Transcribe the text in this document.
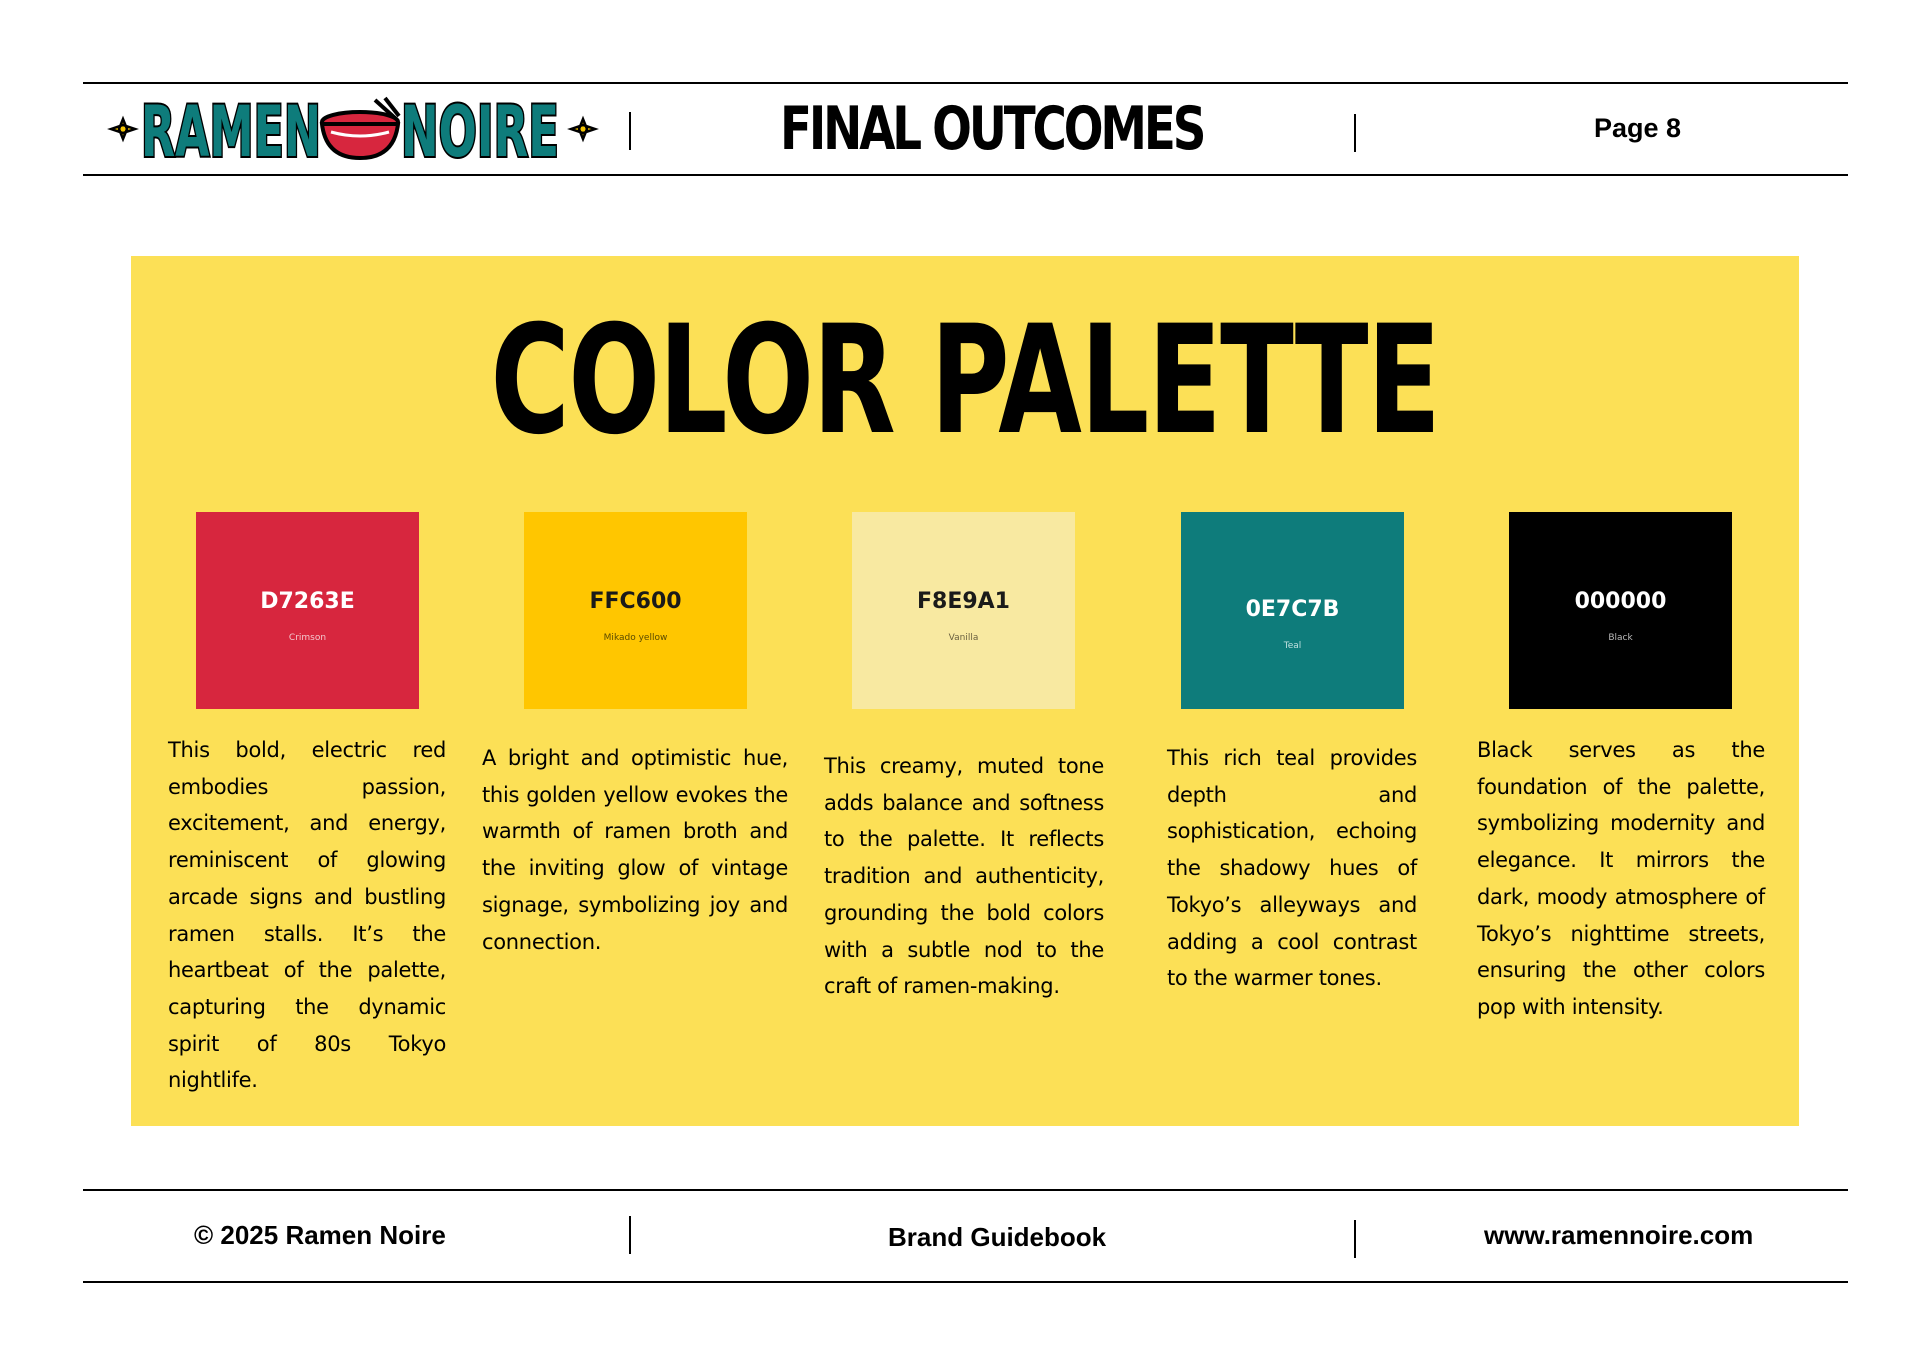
RAMEN NOIRE	FINAL OUTCOMES	Page 8
COLOR PALETTE
D7263E
Crimson
FFC600
Mikado yellow
F8E9A1
Vanilla
0E7C7B
Teal
000000
Black
This bold, electric red embodies passion, excitement, and energy, reminiscent of glowing arcade signs and bustling ramen stalls. It’s the heartbeat of the palette, capturing the dynamic spirit of 80s Tokyo nightlife.
A bright and optimistic hue, this golden yellow evokes the warmth of ramen broth and the inviting glow of vintage signage, symbolizing joy and connection.
This creamy, muted tone adds balance and softness to the palette. It reflects tradition and authenticity, grounding the bold colors with a subtle nod to the craft of ramen-making.
This rich teal provides depth and sophistication, echoing the shadowy hues of Tokyo’s alleyways and adding a cool contrast to the warmer tones.
Black serves as the foundation of the palette, symbolizing modernity and elegance. It mirrors the dark, moody atmosphere of Tokyo’s nighttime streets, ensuring the other colors pop with intensity.
© 2025 Ramen Noire	Brand Guidebook	www.ramennoire.com
